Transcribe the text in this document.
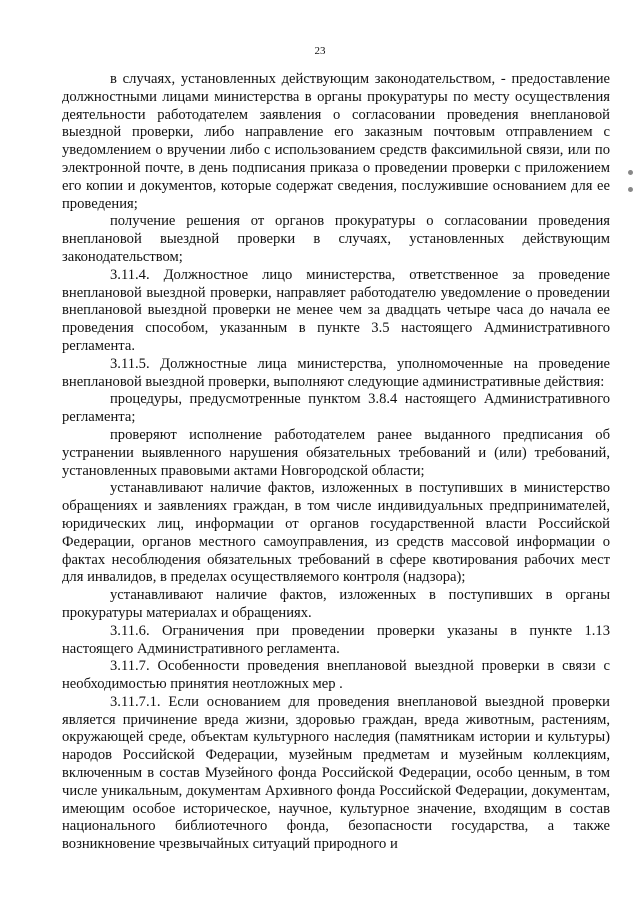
23

в случаях, установленных действующим законодательством, - предоставление должностными лицами министерства в органы прокуратуры по месту осуществления деятельности работодателем заявления о согласовании проведения внеплановой выездной проверки, либо направление его заказным почтовым отправлением с уведомлением о вручении либо с использованием средств факсимильной связи, или по электронной почте, в день подписания приказа о проведении проверки с приложением его копии и документов, которые содержат сведения, послужившие основанием для ее проведения;

получение решения от органов прокуратуры о согласовании проведения внеплановой выездной проверки в случаях, установленных действующим законодательством;

3.11.4. Должностное лицо министерства, ответственное за проведение внеплановой выездной проверки, направляет работодателю уведомление о проведении внеплановой выездной проверки не менее чем за двадцать четыре часа до начала ее проведения способом, указанным в пункте 3.5 настоящего Административного регламента.

3.11.5. Должностные лица министерства, уполномоченные на проведение внеплановой выездной проверки, выполняют следующие административные действия:

процедуры, предусмотренные пунктом 3.8.4 настоящего Административного регламента;

проверяют исполнение работодателем ранее выданного предписания об устранении выявленного нарушения обязательных требований и (или) требований, установленных правовыми актами Новгородской области;

устанавливают наличие фактов, изложенных в поступивших в министерство обращениях и заявлениях граждан, в том числе индивидуальных предпринимателей, юридических лиц, информации от органов государственной власти Российской Федерации, органов местного самоуправления, из средств массовой информации о фактах несоблюдения обязательных требований в сфере квотирования рабочих мест для инвалидов, в пределах осуществляемого контроля (надзора);

устанавливают наличие фактов, изложенных в поступивших в органы прокуратуры материалах и обращениях.

3.11.6. Ограничения при проведении проверки указаны в пункте 1.13 настоящего Административного регламента.

3.11.7. Особенности проведения внеплановой выездной проверки в связи с необходимостью принятия неотложных мер .

3.11.7.1. Если основанием для проведения внеплановой выездной проверки является причинение вреда жизни, здоровью граждан, вреда животным, растениям, окружающей среде, объектам культурного наследия (памятникам истории и культуры) народов Российской Федерации, музейным предметам и музейным коллекциям, включенным в состав Музейного фонда Российской Федерации, особо ценным, в том числе уникальным, документам Архивного фонда Российской Федерации, документам, имеющим особое историческое, научное, культурное значение, входящим в состав национального библиотечного фонда, безопасности государства, а также возникновение чрезвычайных ситуаций природного и
